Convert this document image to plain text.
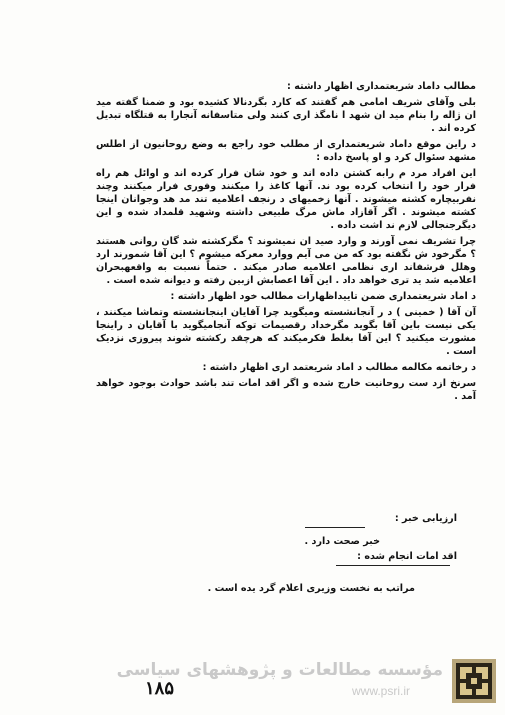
مطالب داماد شریعتمداری اظهار داشته :

بلی وآقای شریف امامی هم گفتند که کارد بگردنالا کشیده بود و ضمنا گفته مید ان ژاله را بنام مید ان شهد ا نامگذ اری کنند ولی متاسفانه آنجارا به قتلگاه تبدیل کرده اند .

د راین موقع داماد شریعتمداری از مطلب خود راجع به وضع روحانیون از اطلس مشهد سئوال کرد و او پاسخ داده :

این افراد مرد م رابه کشتن داده اند و خود شان فرار کرده اند و اوائل هم راه فرار خود را انتخاب کرده بود ند. آنها کاغذ را میکنند وفوری فرار میکنند وچند نفربیچاره کشته میشوند . آنها زخمیهای د رنجف اعلامیه تند مد هد وجوانان اینجا کشته میشوند . اگر آقازاد ماش مرگ طبیعی داشته وشهید قلمداد شده و این دیگرجنجالی لازم ند اشت داده .

چرا تشریف نمی آورند و وارد صید ان نمیشوند ؟ مگرکشته شد گان روانی هستند ؟ مگرخود ش نگفته بود که من می آیم ووارد معرکه میشوم ؟ این آقا شمورند ارد وهلل فرشفاند اری نظامی اعلامیه صادر میکند . حتماً نسبت به واقعهبحران اعلامیه شد ید تری خواهد داد . این آقا اعصابش ازبین رفته و دیوانه شده است .

د اماد شریعتمداری ضمن تاییداظهارات مطالب خود اظهار داشته :

آن آقا ( خمینی ) د ر آنجانشسته ومیگوید چرا آقایان اینجانشسته وتماشا میکنند ، یکی نیست باین آقا بگوید مگرخداد رقصیمات توکه آنجامیگوید با آقایان د راینجا مشورت میکنید ؟ این آقا بغلط فکرمیکند که هرچقد رکشته شوند پیروزی نزدیک است .

د رخاتمه مکالمه مطالب د اماد شریعتمد اری اظهار داشته :

سرنخ ازد ست روحانیت خارج شده و اگر اقد امات تند باشد حوادث بوجود خواهد آمد .

ارزیابی خبر :
خبر صحت دارد .
اقد امات انجام شده :
مراتب به نخست وزیری اعلام گرد یده است .
۱۸۵
مؤسسه مطالعات و پژوهشهای سیاسی
www.psri.ir
